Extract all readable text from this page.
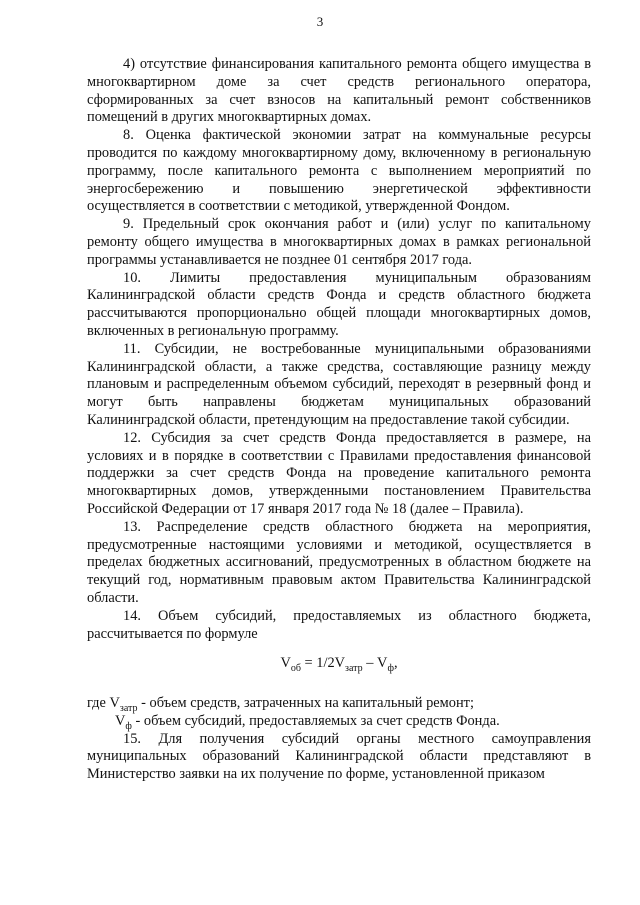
3

4) отсутствие финансирования капитального ремонта общего имущества в многоквартирном доме за счет средств регионального оператора, сформированных за счет взносов на капитальный ремонт собственников помещений в других многоквартирных домах.

8. Оценка фактической экономии затрат на коммунальные ресурсы проводится по каждому многоквартирному дому, включенному в региональную программу, после капитального ремонта с выполнением мероприятий по энергосбережению и повышению энергетической эффективности осуществляется в соответствии с методикой, утвержденной Фондом.

9. Предельный срок окончания работ и (или) услуг по капитальному ремонту общего имущества в многоквартирных домах в рамках региональной программы устанавливается не позднее 01 сентября 2017 года.

10. Лимиты предоставления муниципальным образованиям Калининградской области средств Фонда и средств областного бюджета рассчитываются пропорционально общей площади многоквартирных домов, включенных в региональную программу.

11. Субсидии, не востребованные муниципальными образованиями Калининградской области, а также средства, составляющие разницу между плановым и распределенным объемом субсидий, переходят в резервный фонд и могут быть направлены бюджетам муниципальных образований Калининградской области, претендующим на предоставление такой субсидии.

12. Субсидия за счет средств Фонда предоставляется в размере, на условиях и в порядке в соответствии с Правилами предоставления финансовой поддержки за счет средств Фонда на проведение капитального ремонта многоквартирных домов, утвержденными постановлением Правительства Российской Федерации от 17 января 2017 года № 18 (далее – Правила).

13. Распределение средств областного бюджета на мероприятия, предусмотренные настоящими условиями и методикой, осуществляется в пределах бюджетных ассигнований, предусмотренных в областном бюджете на текущий год, нормативным правовым актом Правительства Калининградской области.

14. Объем субсидий, предоставляемых из областного бюджета, рассчитывается по формуле

$V_{об} = 1/2V_{затр} - V_ф$,

где $V_{затр}$ - объем средств, затраченных на капитальный ремонт;

$V_ф$ - объем субсидий, предоставляемых за счет средств Фонда.

15. Для получения субсидий органы местного самоуправления муниципальных образований Калининградской области представляют в Министерство заявки на их получение по форме, установленной приказом
